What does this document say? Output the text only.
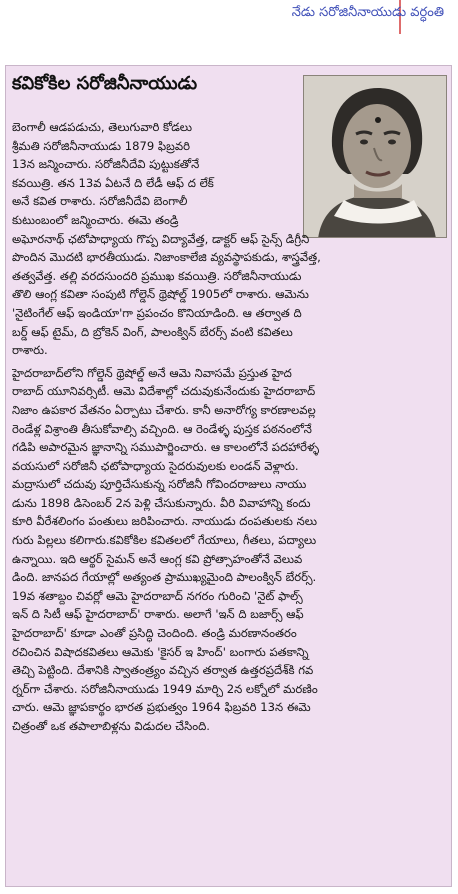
నేడు సరోజినీనాయుడు వర్ధంతి
కవికోకిల సరోజినీనాయుడు

బెంగాలీ ఆడపడుచు, తెలుగువారి కోడలు
శ్రీమతి సరోజినీనాయుడు 1879 ఫిబ్రవరి
13న జన్మించారు. సరోజినీదేవి పుట్టుకతోనే
కవయిత్రి. తన 13వ ఏటనే ది లేడీ ఆఫ్ ద లేక్
అనే కవిత రాశారు. సరోజినీదేవి బెంగాలీ
కుటుంబంలో జన్మించారు. ఈమె తండ్రి
అఘోరనాథ్ ఛటోపాధ్యాయ గొప్ప విద్యావేత్త, డాక్టర్ ఆఫ్ సైన్స్ డిగ్రీని
పొందిన మొదటి భారతీయుడు. నిజాంకాలేజి వ్యవస్థాపకుడు, శాస్త్రవేత్త,
తత్వవేత్త. తల్లి వరదసుందరి ప్రముఖ కవయిత్రి. సరోజినీనాయుడు
తొలి ఆంగ్ల కవితా సంపుటి గోల్డెన్ థ్రెషోల్డ్ 1905లో రాశారు. ఆమెను
'నైటింగేల్ ఆఫ్ ఇండియా'గా ప్రపంచం కొనియాడింది. ఆ తర్వాత ది
బర్డ్ ఆఫ్ టైమ్, ది బ్రోకెన్ వింగ్, పాలంక్విన్ బేరర్స్ వంటి కవితలు
రాశారు.

హైదరాబాద్‌లోని గోల్డెన్ థ్రెషోల్డ్ అనే ఆమె నివాసమే ప్రస్తుత హైద
రాబాద్ యూనివర్సిటీ. ఆమె విదేశాల్లో చదువుకునేందుకు హైదరాబాద్
నిజాం ఉపకార వేతనం ఏర్పాటు చేశారు. కానీ అనారోగ్య కారణాలవల్ల
రెండేళ్ల విశ్రాంతి తీసుకోవాల్సి వచ్చింది. ఆ రెండేళ్ళ పుస్తక పఠనంలోనే
గడిపి అపారమైన జ్ఞానాన్ని సముపార్జించారు. ఆ కాలంలోనే పదహారేళ్ళ
వయసులో సరోజినీ ఛటోపాధ్యాయ సైదరువులకు లండన్ వెళ్లారు.
మద్రాసులో చదువు పూర్తిచేసుకున్న సరోజినీ గోవిందరాజులు నాయు
డును 1898 డిసెంబర్ 2న పెళ్లి చేసుకున్నారు. వీరి వివాహాన్ని కందు
కూరి వీరేశలింగం పంతులు జరిపించారు. నాయుడు దంపతులకు నలు
గురు పిల్లలు కలిగారు.కవికోకిల కవితలలో గేయాలు, గీతలు, పద్యాలు
ఉన్నాయి. ఇది ఆర్థర్ సైమన్ అనే ఆంగ్ల కవి ప్రోత్సాహంతోనే వెలువ
డింది. జానపద గేయాల్లో అత్యంత ప్రాముఖ్యమైంది పాలంక్విన్ బేరర్స్.
19వ శతాబ్దం చివర్లో ఆమె హైదరాబాద్ నగరం గురించి 'నైట్ ఫాల్స్
ఇన్ ది సిటీ ఆఫ్ హైదరాబాద్' రాశారు. అలాగే 'ఇన్ ది బజార్స్ ఆఫ్
హైదరాబాద్' కూడా ఎంతో ప్రసిద్ధి చెందింది. తండ్రి మరణానంతరం
రచించిన విషాదకవితలు ఆమెకు 'కైసర్ ఇ హింద్' బంగారు పతకాన్ని
తెచ్చి పెట్టింది. దేశానికి స్వాతంత్ర్యం వచ్చిన తర్వాత ఉత్తరప్రదేశ్‌కి గవ
ర్నర్‌గా చేశారు. సరోజినీనాయుడు 1949 మార్చి 2న లక్నోలో మరణిం
చారు. ఆమె జ్ఞాపకార్థం భారత ప్రభుత్వం 1964 ఫిబ్రవరి 13న ఈమె
చిత్రంతో ఒక తపాలాబిళ్లను విడుదల చేసింది.
